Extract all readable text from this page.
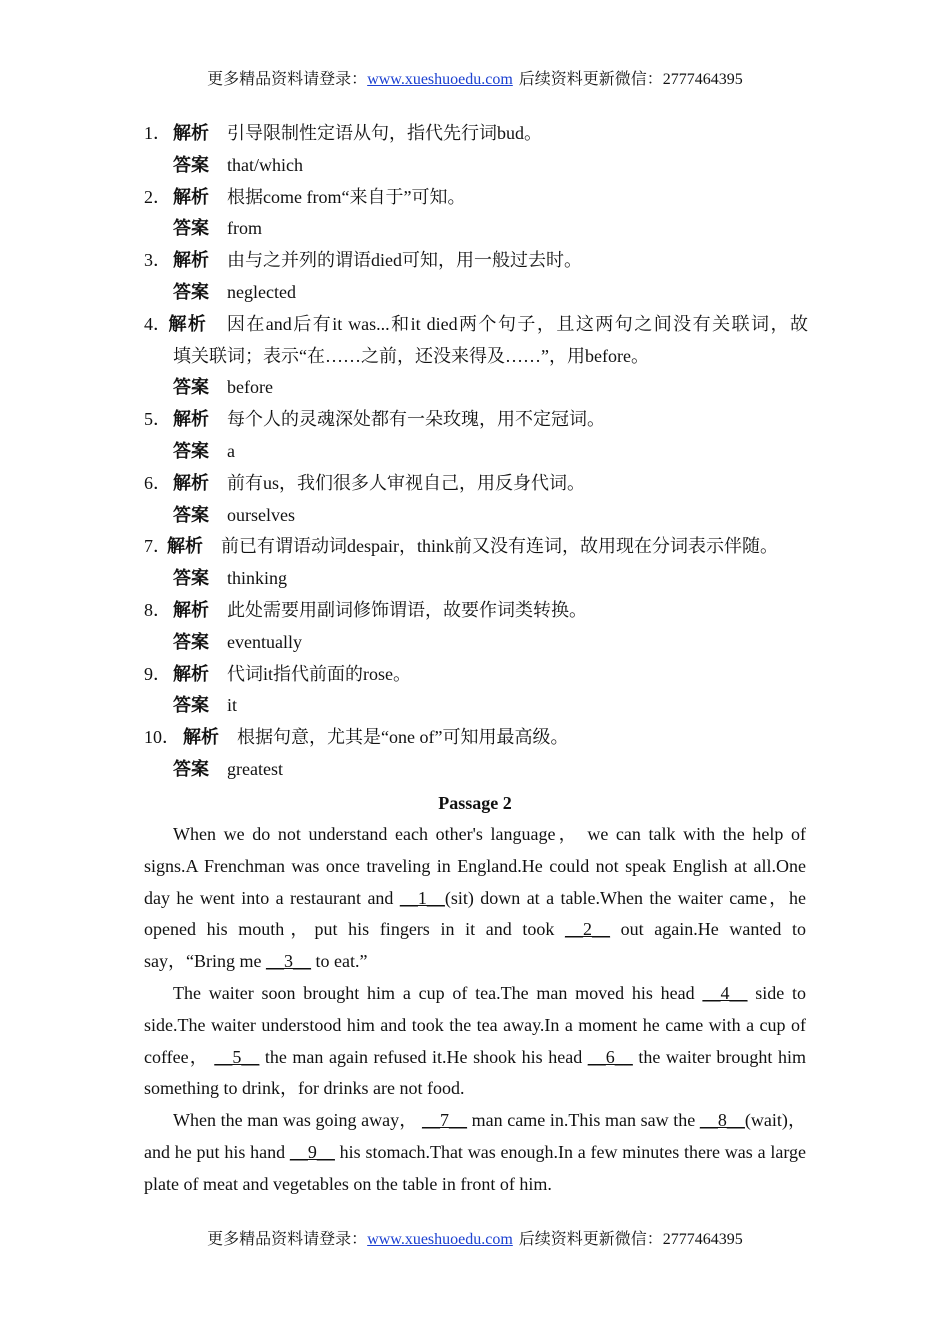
更多精品资料请登录：www.xueshuoedu.com 后续资料更新微信：2777464395
1． 解析 引导限制性定语从句，指代先行词bud。
答案 that/which
2． 解析 根据come from“来自于”可知。
答案 from
3． 解析 由与之并列的谓语died可知，用一般过去时。
答案 neglected
4．解析 因在and后有it was...和it died两个句子，且这两句之间没有关联词，故
填关联词；表示“在……之前，还没来得及……”，用before。
答案 before
5． 解析 每个人的灵魂深处都有一朵玫瑰，用不定冠词。
答案 a
6． 解析 前有us，我们很多人审视自己，用反身代词。
答案 ourselves
7．解析 前已有谓语动词despair，think前又没有连词，故用现在分词表示伴随。
答案 thinking
8． 解析 此处需要用副词修饰谓语，故要作词类转换。
答案 eventually
9． 解析 代词it指代前面的rose。
答案 it
10． 解析 根据句意，尤其是“one of”可知用最高级。
答案 greatest
Passage 2

When we do not understand each other's language， we can talk with the help of signs.A Frenchman was once traveling in England.He could not speak English at all.One day he went into a restaurant and __1__(sit) down at a table.When the waiter came，he opened his mouth，put his fingers in it and took __2__ out again.He wanted to say，“Bring me __3__ to eat.”

The waiter soon brought him a cup of tea.The man moved his head __4__ side to side.The waiter understood him and took the tea away.In a moment he came with a cup of coffee， __5__ the man again refused it.He shook his head __6__ the waiter brought him something to drink，for drinks are not food.

When the man was going away， __7__ man came in.This man saw the __8__(wait)， and he put his hand __9__ his stomach.That was enough.In a few minutes there was a large plate of meat and vegetables on the table in front of him.

更多精品资料请登录：www.xueshuoedu.com 后续资料更新微信：2777464395
